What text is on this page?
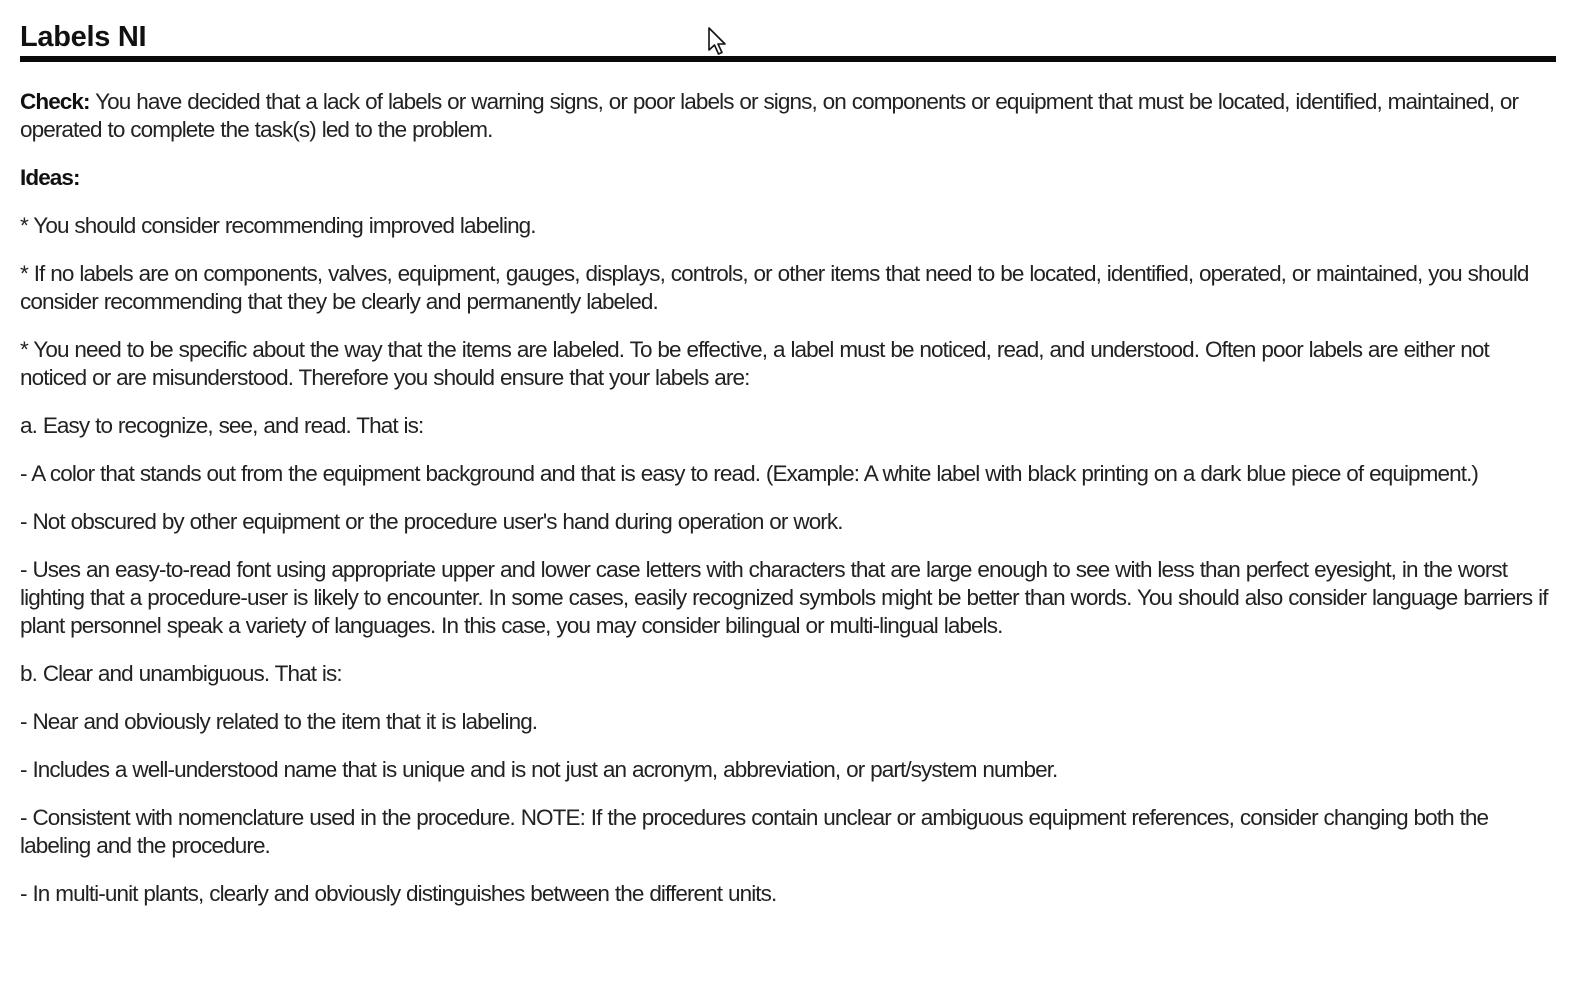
Labels NI

Check: You have decided that a lack of labels or warning signs, or poor labels or signs, on components or equipment that must be located, identified, maintained, or operated to complete the task(s) led to the problem.

Ideas:

* You should consider recommending improved labeling.

* If no labels are on components, valves, equipment, gauges, displays, controls, or other items that need to be located, identified, operated, or maintained, you should consider recommending that they be clearly and permanently labeled.

* You need to be specific about the way that the items are labeled. To be effective, a label must be noticed, read, and understood. Often poor labels are either not noticed or are misunderstood. Therefore you should ensure that your labels are:

a. Easy to recognize, see, and read. That is:

- A color that stands out from the equipment background and that is easy to read. (Example: A white label with black printing on a dark blue piece of equipment.)

- Not obscured by other equipment or the procedure user's hand during operation or work.

- Uses an easy-to-read font using appropriate upper and lower case letters with characters that are large enough to see with less than perfect eyesight, in the worst lighting that a procedure-user is likely to encounter. In some cases, easily recognized symbols might be better than words. You should also consider language barriers if plant personnel speak a variety of languages. In this case, you may consider bilingual or multi-lingual labels.

b. Clear and unambiguous. That is:

- Near and obviously related to the item that it is labeling.

- Includes a well-understood name that is unique and is not just an acronym, abbreviation, or part/system number.

- Consistent with nomenclature used in the procedure. NOTE: If the procedures contain unclear or ambiguous equipment references, consider changing both the labeling and the procedure.

- In multi-unit plants, clearly and obviously distinguishes between the different units.
